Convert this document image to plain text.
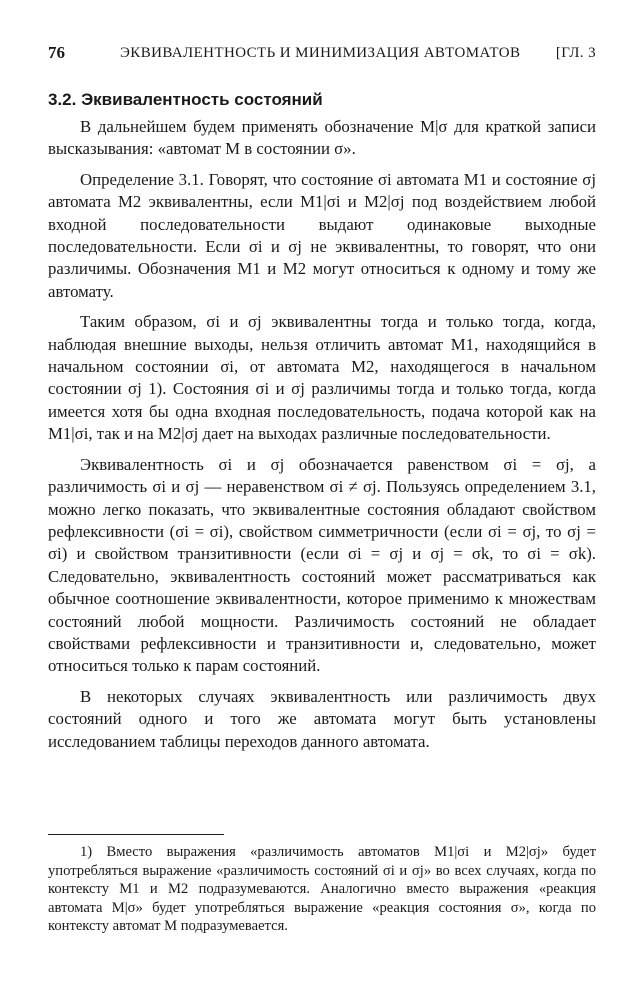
76	ЭКВИВАЛЕНТНОСТЬ И МИНИМИЗАЦИЯ АВТОМАТОВ [ГЛ. 3
3.2. Эквивалентность состояний

В дальнейшем будем применять обозначение M|σ для краткой записи высказывания: «автомат M в состоянии σ».

Определение 3.1. Говорят, что состояние σi автомата M1 и состояние σj автомата M2 эквивалентны, если M1|σi и M2|σj под воздействием любой входной последовательности выдают одинаковые выходные последовательности. Если σi и σj не эквивалентны, то говорят, что они различимы. Обозначения M1 и M2 могут относиться к одному и тому же автомату.

Таким образом, σi и σj эквивалентны тогда и только тогда, когда, наблюдая внешние выходы, нельзя отличить автомат M1, находящийся в начальном состоянии σi, от автомата M2, находящегося в начальном состоянии σj 1). Состояния σi и σj различимы тогда и только тогда, когда имеется хотя бы одна входная последовательность, подача которой как на M1|σi, так и на M2|σj дает на выходах различные последовательности.

Эквивалентность σi и σj обозначается равенством σi = σj, а различимость σi и σj — неравенством σi ≠ σj. Пользуясь определением 3.1, можно легко показать, что эквивалентные состояния обладают свойством рефлексивности (σi = σi), свойством симметричности (если σi = σj, то σj = σi) и свойством транзитивности (если σi = σj и σj = σk, то σi = σk). Следовательно, эквивалентность состояний может рассматриваться как обычное соотношение эквивалентности, которое применимо к множествам состояний любой мощности. Различимость состояний не обладает свойствами рефлексивности и транзитивности и, следовательно, может относиться только к парам состояний.

В некоторых случаях эквивалентность или различимость двух состояний одного и того же автомата могут быть установлены исследованием таблицы переходов данного автомата.

1) Вместо выражения «различимость автоматов M1|σi и M2|σj» будет употребляться выражение «различимость состояний σi и σj» во всех случаях, когда по контексту M1 и M2 подразумеваются. Аналогично вместо выражения «реакция автомата M|σ» будет употребляться выражение «реакция состояния σ», когда по контексту автомат M подразумевается.
